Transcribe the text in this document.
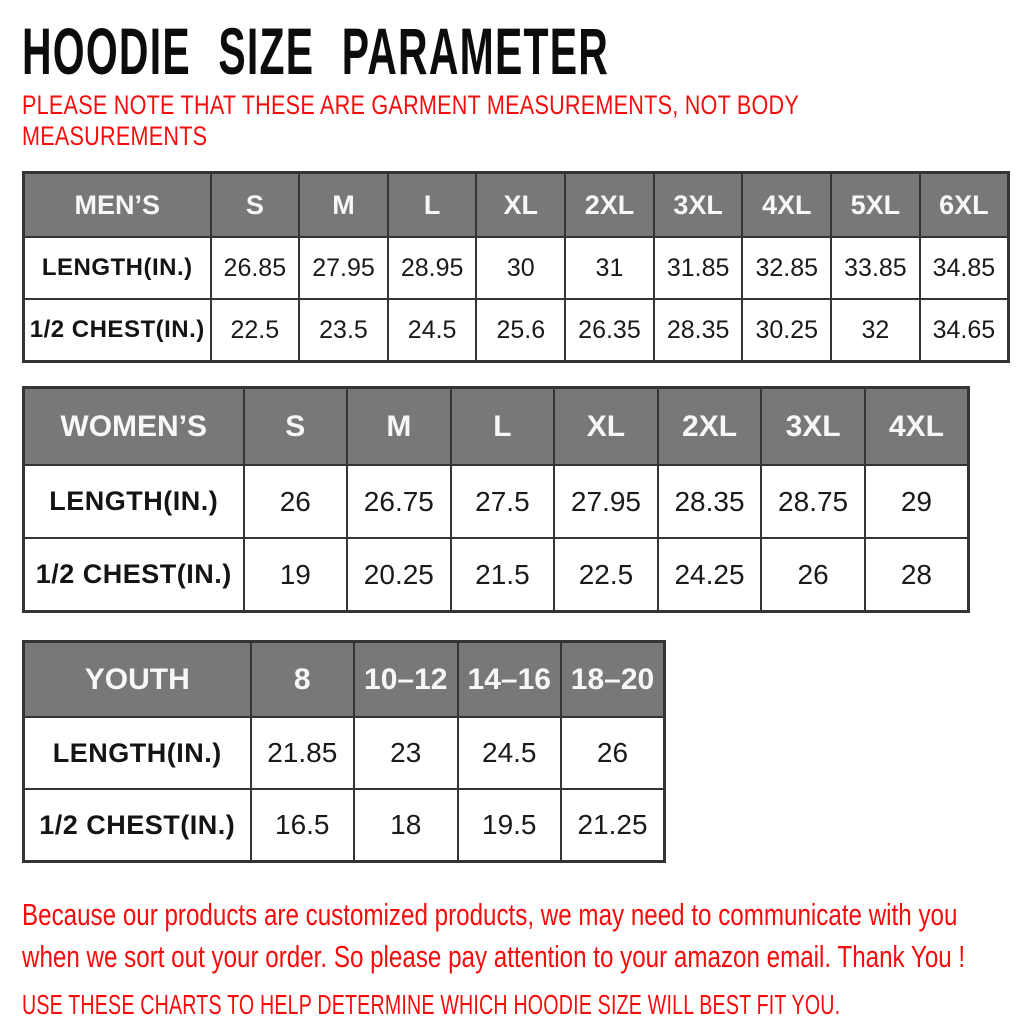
HOODIE SIZE PARAMETER
PLEASE NOTE THAT THESE ARE GARMENT MEASUREMENTS, NOT BODY MEASUREMENTS
MEN’S	S	M	L	XL	2XL	3XL	4XL	5XL	6XL
LENGTH(IN.)	26.85	27.95	28.95	30	31	31.85	32.85	33.85	34.85
1/2 CHEST(IN.)	22.5	23.5	24.5	25.6	26.35	28.35	30.25	32	34.65
WOMEN’S	S	M	L	XL	2XL	3XL	4XL
LENGTH(IN.)	26	26.75	27.5	27.95	28.35	28.75	29
1/2 CHEST(IN.)	19	20.25	21.5	22.5	24.25	26	28
YOUTH	8	10–12	14–16	18–20
LENGTH(IN.)	21.85	23	24.5	26
1/2 CHEST(IN.)	16.5	18	19.5	21.25
Because our products are customized products, we may need to communicate with you when we sort out your order. So please pay attention to your amazon email. Thank You !
USE THESE CHARTS TO HELP DETERMINE WHICH HOODIE SIZE WILL BEST FIT YOU.
